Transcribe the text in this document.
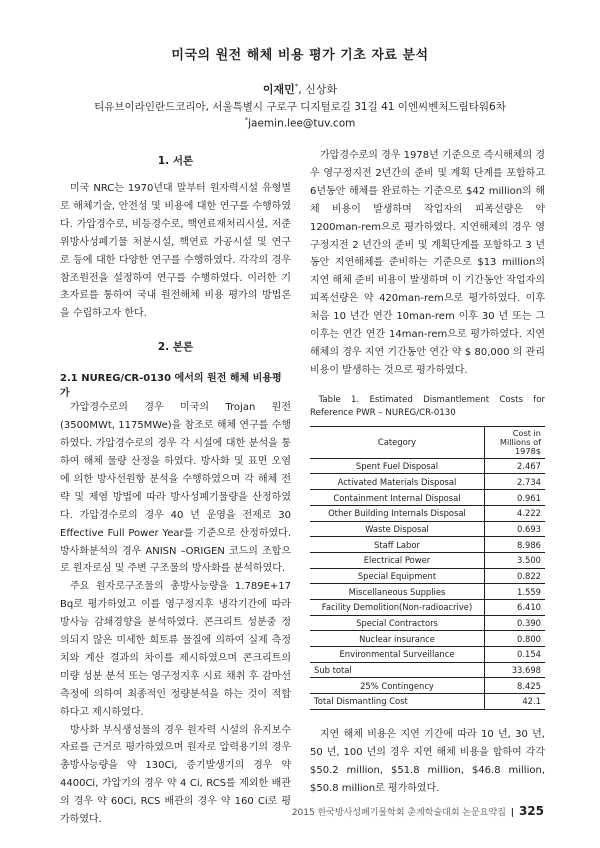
미국의 원전 해체 비용 평가 기초 자료 분석
이재민*, 신상화
티유브이라인란드코리아, 서울특별시 구로구 디지털로길 31길 41 이엔씨벤처드림타워6차
*jaemin.lee@tuv.com
1. 서론

미국 NRC는 1970년대 말부터 원자력시설 유형별로 해체기술, 안전성 및 비용에 대한 연구를 수행하였다. 가압경수로, 비등경수로, 핵연료재처리시설, 저준위방사성폐기물 처분시설, 핵연료 가공시설 및 연구로 등에 대한 다양한 연구를 수행하였다. 각각의 경우 참조원전을 설정하여 연구를 수행하였다. 이러한 기초자료를 통하여 국내 원전해체 비용 평가의 방법론을 수립하고자 한다.

2. 본론
2.1 NUREG/CR-0130 에서의 원전 해체 비용평가

가압경수로의 경우 미국의 Trojan 원전(3500MWt, 1175MWe)을 참조로 해체 연구를 수행하였다. 가압경수로의 경우 각 시설에 대한 분석을 통하여 해체 물량 산정을 하였다. 방사화 및 표면 오염에 의한 방사선원항 분석을 수행하였으며 각 해체 전략 및 제염 방법에 따라 방사성폐기물량을 산정하였다. 가압경수로의 경우 40 년 운영을 전제로 30 Effective Full Power Year를 기준으로 산정하였다. 방사화분석의 경우 ANISN –ORIGEN 코드의 조합으로 원자로심 및 주변 구조물의 방사화를 분석하였다.

주요 원자로구조물의 총방사능량을 1.789E+17 Bq로 평가하였고 이를 영구정지후 냉각기간에 따라 방사능 감쇄경향을 분석하였다. 콘크리트 성분중 정의되지 않은 미세한 희토류 물질에 의하여 실제 측정치와 계산 결과의 차이를 제시하였으며 콘크리트의 미량 성분 분석 또는 영구정지후 시료 채취 후 감마선 측정에 의하여 최종적인 정량분석을 하는 것이 적합하다고 제시하였다.

방사화 부식생성물의 경우 원자력 시설의 유지보수 자료를 근거로 평가하였으며 원자로 압력용기의 경우 총방사능량을 약 130Ci, 증기발생기의 경우 약 4400Ci, 가압기의 경우 약 4 Ci, RCS를 제외한 배관의 경우 약 60Ci, RCS 배관의 경우 약 160 Ci로 평가하였다.

가압경수로의 경우 1978년 기준으로 즉시해체의 경우 영구정지전 2년간의 준비 및 계획 단계를 포함하고 6년동안 해체를 완료하는 기준으로 $42 million의 해체 비용이 발생하며 작업자의 피폭선량은 약 1200man-rem으로 평가하였다. 지연해체의 경우 영구정지전 2 년간의 준비 및 계획단계를 포함하고 3 년 동안 지연해체를 준비하는 기준으로 $13 million의 지연 해체 준비 비용이 발생하며 이 기간동안 작업자의 피폭선량은 약 420man-rem으로 평가하였다. 이후 처음 10 년간 연간 10man-rem 이후 30 년 또는 그 이후는 연간 연간 14man-rem으로 평가하였다. 지연해체의 경우 지연 기간동안 연간 약 $ 80,000 의 관리비용이 발생하는 것으로 평가하였다.

Table 1. Estimated Dismantlement Costs for Reference PWR – NUREG/CR-0130

Category	Cost in
Millions of
1978$

Spent Fuel Disposal	2.467
Activated Materials Disposal	2.734
Containment Internal Disposal	0.961
Other Building Internals Disposal	4.222
Waste Disposal	0.693
Staff Labor	8.986
Electrical Power	3.500
Special Equipment	0.822
Miscellaneous Supplies	1.559
Facility Demolition(Non-radioacrive)	6.410
Special Contractors	0.390
Nuclear insurance	0.800
Environmental Surveillance	0.154
Sub total	33.698
25% Contingency	8.425
Total Dismantling Cost	42.1

지연 해체 비용은 지연 기간에 따라 10 년, 30 년, 50 년, 100 년의 경우 지연 해체 비용을 합하여 각각 $50.2 million, $51.8 million, $46.8 million, $50.8 million로 평가하였다.

2015 한국방사성폐기물학회 춘계학술대회 논문요약집 | 325
